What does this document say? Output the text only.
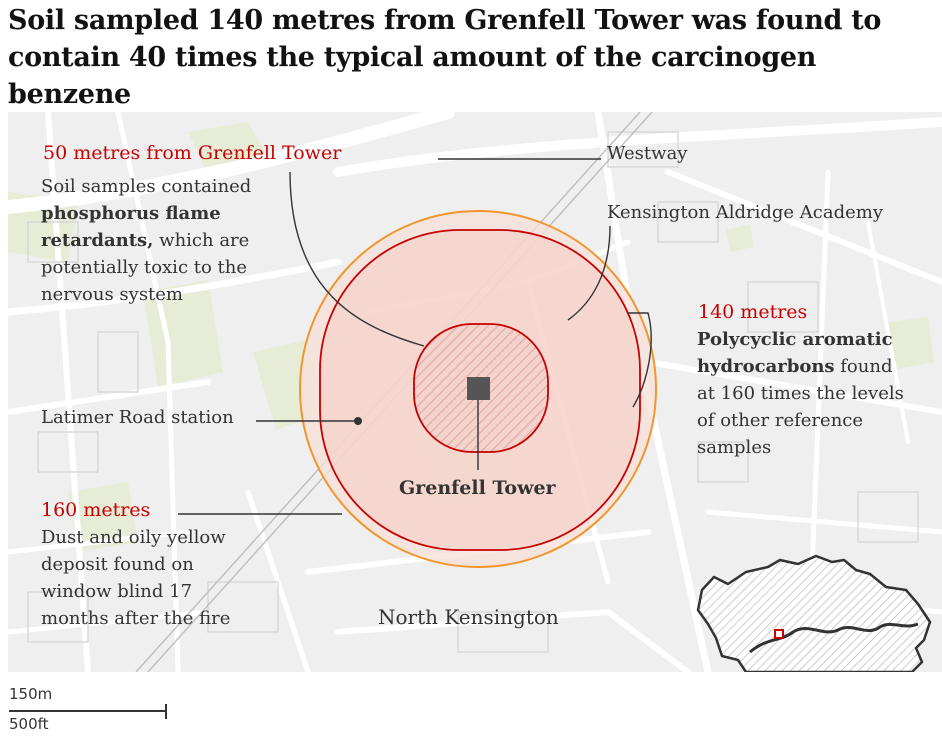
Soil sampled 140 metres from Grenfell Tower was found to contain 40 times the typical amount of the carcinogen benzene
Westway
Kensington Aldridge Academy
Latimer Road station
Grenfell Tower
North Kensington
50 metres from Grenfell Tower
Soil samples contained phosphorus flame retardants, which are potentially toxic to the nervous system
140 metres
Polycyclic aromatic hydrocarbons found at 160 times the levels of other reference samples
160 metres
Dust and oily yellow deposit found on window blind 17 months after the fire
150m
500ft
